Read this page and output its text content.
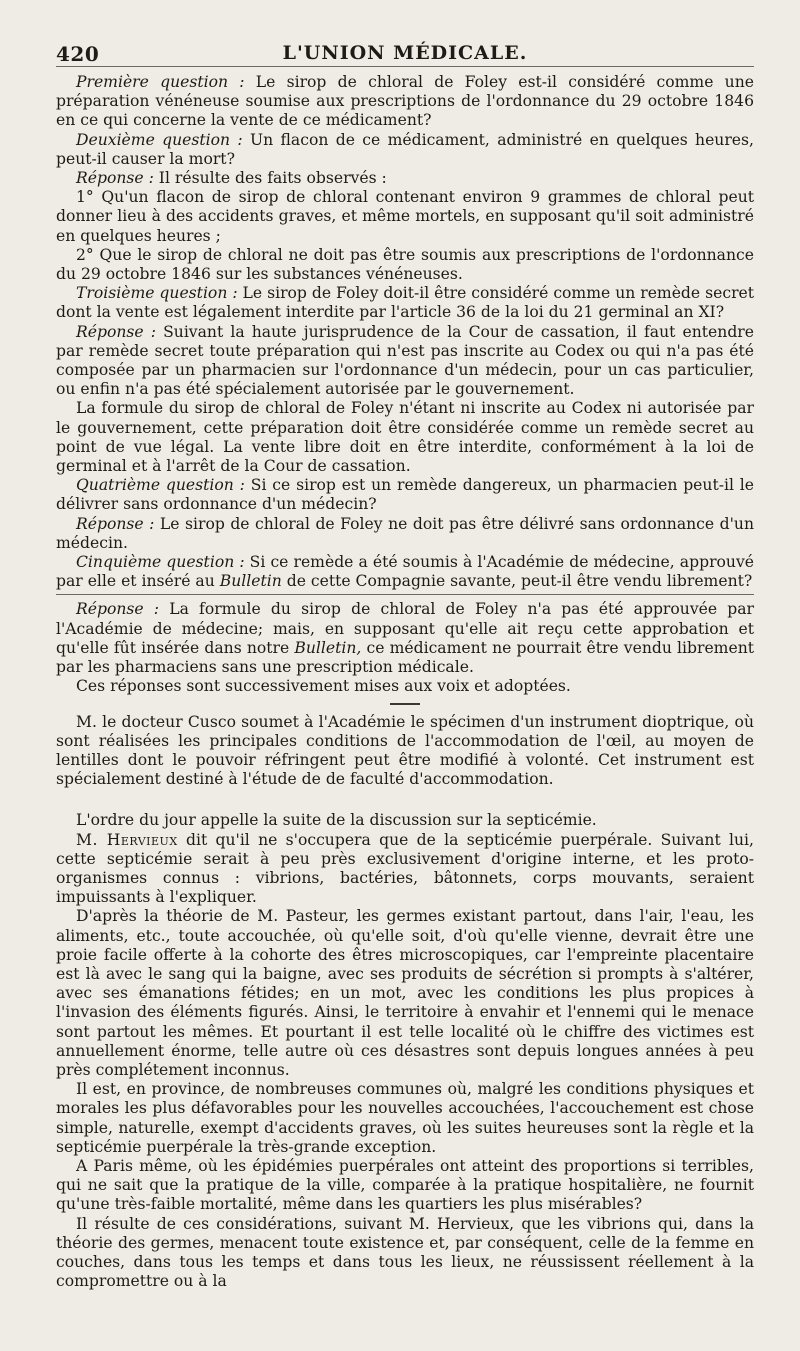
420	L'UNION MÉDICALE.

Première question : Le sirop de chloral de Foley est-il considéré comme une préparation vénéneuse soumise aux prescriptions de l'ordonnance du 29 octobre 1846 en ce qui concerne la vente de ce médicament?

Deuxième question : Un flacon de ce médicament, administré en quelques heures, peut-il causer la mort?

Réponse : Il résulte des faits observés :

1° Qu'un flacon de sirop de chloral contenant environ 9 grammes de chloral peut donner lieu à des accidents graves, et même mortels, en supposant qu'il soit administré en quelques heures ;

2° Que le sirop de chloral ne doit pas être soumis aux prescriptions de l'ordonnance du 29 octobre 1846 sur les substances vénéneuses.

Troisième question : Le sirop de Foley doit-il être considéré comme un remède secret dont la vente est légalement interdite par l'article 36 de la loi du 21 germinal an XI?

Réponse : Suivant la haute jurisprudence de la Cour de cassation, il faut entendre par remède secret toute préparation qui n'est pas inscrite au Codex ou qui n'a pas été composée par un pharmacien sur l'ordonnance d'un médecin, pour un cas particulier, ou enfin n'a pas été spécialement autorisée par le gouvernement.

La formule du sirop de chloral de Foley n'étant ni inscrite au Codex ni autorisée par le gouvernement, cette préparation doit être considérée comme un remède secret au point de vue légal. La vente libre doit en être interdite, conformément à la loi de germinal et à l'arrêt de la Cour de cassation.

Quatrième question : Si ce sirop est un remède dangereux, un pharmacien peut-il le délivrer sans ordonnance d'un médecin?

Réponse : Le sirop de chloral de Foley ne doit pas être délivré sans ordonnance d'un médecin.

Cinquième question : Si ce remède a été soumis à l'Académie de médecine, approuvé par elle et inséré au Bulletin de cette Compagnie savante, peut-il être vendu librement?

Réponse : La formule du sirop de chloral de Foley n'a pas été approuvée par l'Académie de médecine; mais, en supposant qu'elle ait reçu cette approbation et qu'elle fût insérée dans notre Bulletin, ce médicament ne pourrait être vendu librement par les pharmaciens sans une prescription médicale.

Ces réponses sont successivement mises aux voix et adoptées.

M. le docteur Cusco soumet à l'Académie le spécimen d'un instrument dioptrique, où sont réalisées les principales conditions de l'accommodation de l'œil, au moyen de lentilles dont le pouvoir réfringent peut être modifié à volonté. Cet instrument est spécialement destiné à l'étude de de faculté d'accommodation.

L'ordre du jour appelle la suite de la discussion sur la septicémie.

M. Hervieux dit qu'il ne s'occupera que de la septicémie puerpérale. Suivant lui, cette septicémie serait à peu près exclusivement d'origine interne, et les proto-organismes connus : vibrions, bactéries, bâtonnets, corps mouvants, seraient impuissants à l'expliquer.

D'après la théorie de M. Pasteur, les germes existant partout, dans l'air, l'eau, les aliments, etc., toute accouchée, où qu'elle soit, d'où qu'elle vienne, devrait être une proie facile offerte à la cohorte des êtres microscopiques, car l'empreinte placentaire est là avec le sang qui la baigne, avec ses produits de sécrétion si prompts à s'altérer, avec ses émanations fétides; en un mot, avec les conditions les plus propices à l'invasion des éléments figurés. Ainsi, le territoire à envahir et l'ennemi qui le menace sont partout les mêmes. Et pourtant il est telle localité où le chiffre des victimes est annuellement énorme, telle autre où ces désastres sont depuis longues années à peu près complétement inconnus.

Il est, en province, de nombreuses communes où, malgré les conditions physiques et morales les plus défavorables pour les nouvelles accouchées, l'accouchement est chose simple, naturelle, exempt d'accidents graves, où les suites heureuses sont la règle et la septicémie puerpérale la très-grande exception.

A Paris même, où les épidémies puerpérales ont atteint des proportions si terribles, qui ne sait que la pratique de la ville, comparée à la pratique hospitalière, ne fournit qu'une très-faible mortalité, même dans les quartiers les plus misérables?

Il résulte de ces considérations, suivant M. Hervieux, que les vibrions qui, dans la théorie des germes, menacent toute existence et, par conséquent, celle de la femme en couches, dans tous les temps et dans tous les lieux, ne réussissent réellement à la compromettre ou à la
